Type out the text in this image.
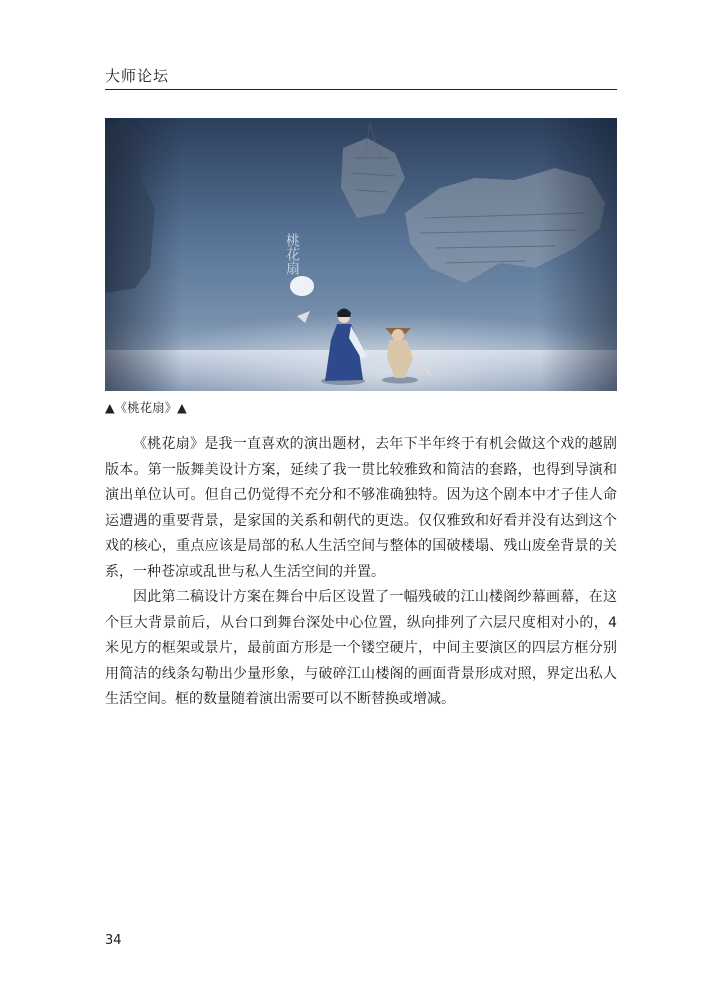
大师论坛
▲《桃花扇》▲

《桃花扇》是我一直喜欢的演出题材，去年下半年终于有机会做这个戏的越剧版本。第一版舞美设计方案，延续了我一贯比较雅致和简洁的套路，也得到导演和演出单位认可。但自己仍觉得不充分和不够准确独特。因为这个剧本中才子佳人命运遭遇的重要背景，是家国的关系和朝代的更迭。仅仅雅致和好看并没有达到这个戏的核心，重点应该是局部的私人生活空间与整体的国破楼塌、残山废垒背景的关系，一种苍凉或乱世与私人生活空间的并置。

因此第二稿设计方案在舞台中后区设置了一幅残破的江山楼阁纱幕画幕，在这个巨大背景前后，从台口到舞台深处中心位置，纵向排列了六层尺度相对小的，4米见方的框架或景片，最前面方形是一个镂空硬片，中间主要演区的四层方框分别用简洁的线条勾勒出少量形象，与破碎江山楼阁的画面背景形成对照，界定出私人生活空间。框的数量随着演出需要可以不断替换或增减。

34
